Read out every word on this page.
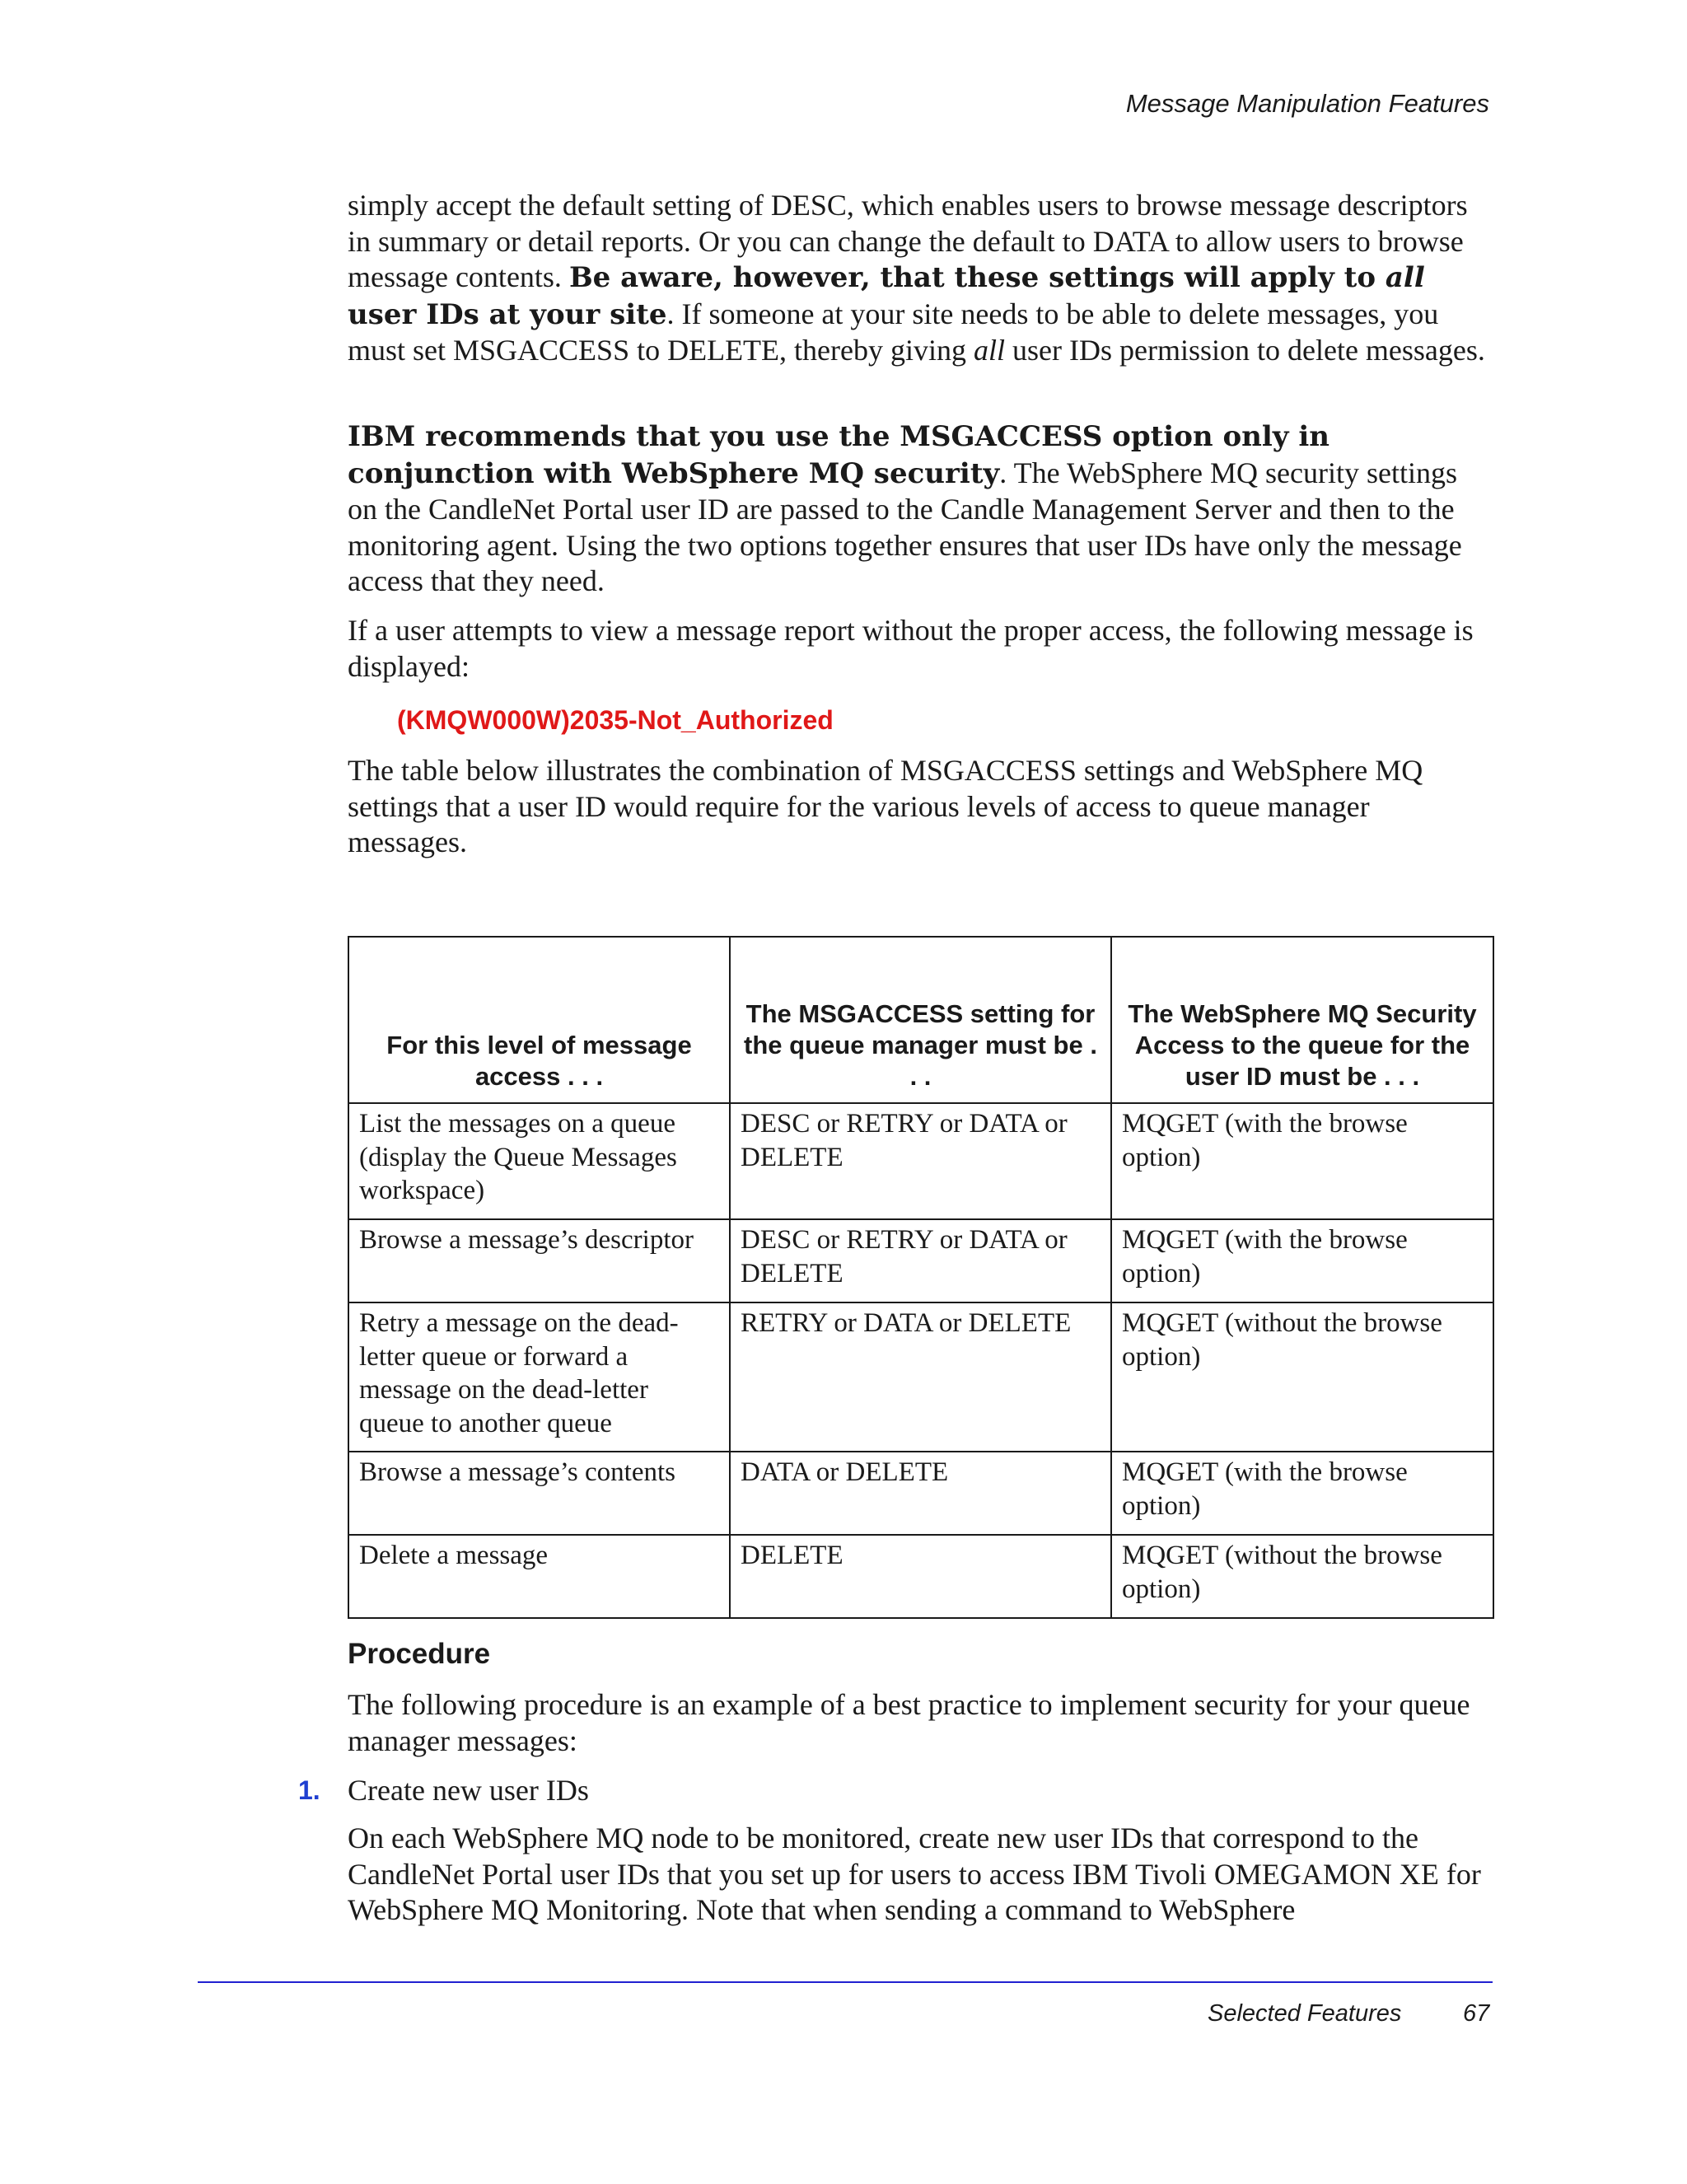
Message Manipulation Features

simply accept the default setting of DESC, which enables users to browse message descriptors in summary or detail reports. Or you can change the default to DATA to allow users to browse message contents. Be aware, however, that these settings will apply to all user IDs at your site. If someone at your site needs to be able to delete messages, you must set MSGACCESS to DELETE, thereby giving all user IDs permission to delete messages.

IBM recommends that you use the MSGACCESS option only in conjunction with WebSphere MQ security. The WebSphere MQ security settings on the CandleNet Portal user ID are passed to the Candle Management Server and then to the monitoring agent. Using the two options together ensures that user IDs have only the message access that they need.

If a user attempts to view a message report without the proper access, the following message is displayed:

(KMQW000W)2035-Not_Authorized

The table below illustrates the combination of MSGACCESS settings and WebSphere MQ settings that a user ID would require for the various levels of access to queue manager messages.

For this level of message access . . .	The MSGACCESS setting for the queue manager must be . . .	The WebSphere MQ Security Access to the queue for the user ID must be . . .
List the messages on a queue (display the Queue Messages workspace)	DESC or RETRY or DATA or DELETE	MQGET (with the browse option)
Browse a message’s descriptor	DESC or RETRY or DATA or DELETE	MQGET (with the browse option)
Retry a message on the dead-letter queue or forward a message on the dead-letter queue to another queue	RETRY or DATA or DELETE	MQGET (without the browse option)
Browse a message’s contents	DATA or DELETE	MQGET (with the browse option)
Delete a message	DELETE	MQGET (without the browse option)
Procedure

The following procedure is an example of a best practice to implement security for your queue manager messages:

1. Create new user IDs

On each WebSphere MQ node to be monitored, create new user IDs that correspond to the CandleNet Portal user IDs that you set up for users to access IBM Tivoli OMEGAMON XE for WebSphere MQ Monitoring. Note that when sending a command to WebSphere

Selected Features	67
